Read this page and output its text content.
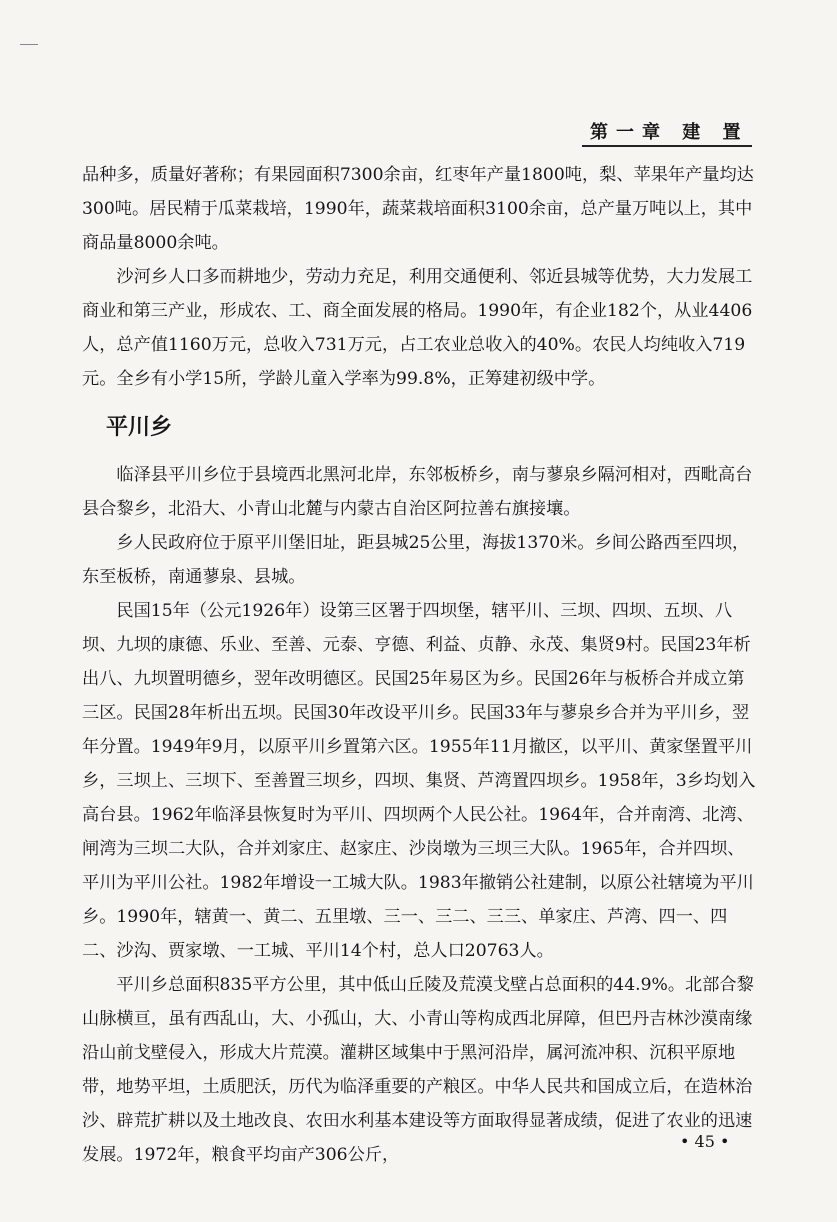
第一章 建 置

品种多，质量好著称；有果园面积7300余亩，红枣年产量1800吨，梨、苹果年产量均达300吨。居民精于瓜菜栽培，1990年，蔬菜栽培面积3100余亩，总产量万吨以上，其中商品量8000余吨。

沙河乡人口多而耕地少，劳动力充足，利用交通便利、邻近县城等优势，大力发展工商业和第三产业，形成农、工、商全面发展的格局。1990年，有企业182个，从业4406人，总产值1160万元，总收入731万元，占工农业总收入的40%。农民人均纯收入719元。全乡有小学15所，学龄儿童入学率为99.8%，正筹建初级中学。

平川乡

临泽县平川乡位于县境西北黑河北岸，东邻板桥乡，南与蓼泉乡隔河相对，西毗高台县合黎乡，北沿大、小青山北麓与内蒙古自治区阿拉善右旗接壤。

乡人民政府位于原平川堡旧址，距县城25公里，海拔1370米。乡间公路西至四坝，东至板桥，南通蓼泉、县城。

民国15年（公元1926年）设第三区署于四坝堡，辖平川、三坝、四坝、五坝、八坝、九坝的康德、乐业、至善、元泰、亨德、利益、贞静、永茂、集贤9村。民国23年析出八、九坝置明德乡，翌年改明德区。民国25年易区为乡。民国26年与板桥合并成立第三区。民国28年析出五坝。民国30年改设平川乡。民国33年与蓼泉乡合并为平川乡，翌年分置。1949年9月，以原平川乡置第六区。1955年11月撤区，以平川、黄家堡置平川乡，三坝上、三坝下、至善置三坝乡，四坝、集贤、芦湾置四坝乡。1958年，3乡均划入高台县。1962年临泽县恢复时为平川、四坝两个人民公社。1964年，合并南湾、北湾、闸湾为三坝二大队，合并刘家庄、赵家庄、沙岗墩为三坝三大队。1965年，合并四坝、平川为平川公社。1982年增设一工城大队。1983年撤销公社建制，以原公社辖境为平川乡。1990年，辖黄一、黄二、五里墩、三一、三二、三三、单家庄、芦湾、四一、四二、沙沟、贾家墩、一工城、平川14个村，总人口20763人。

平川乡总面积835平方公里，其中低山丘陵及荒漠戈壁占总面积的44.9%。北部合黎山脉横亘，虽有西乱山，大、小孤山，大、小青山等构成西北屏障，但巴丹吉林沙漠南缘沿山前戈壁侵入，形成大片荒漠。灌耕区域集中于黑河沿岸，属河流冲积、沉积平原地带，地势平坦，土质肥沃，历代为临泽重要的产粮区。中华人民共和国成立后，在造林治沙、辟荒扩耕以及土地改良、农田水利基本建设等方面取得显著成绩，促进了农业的迅速发展。1972年，粮食平均亩产306公斤，

• 45 •
